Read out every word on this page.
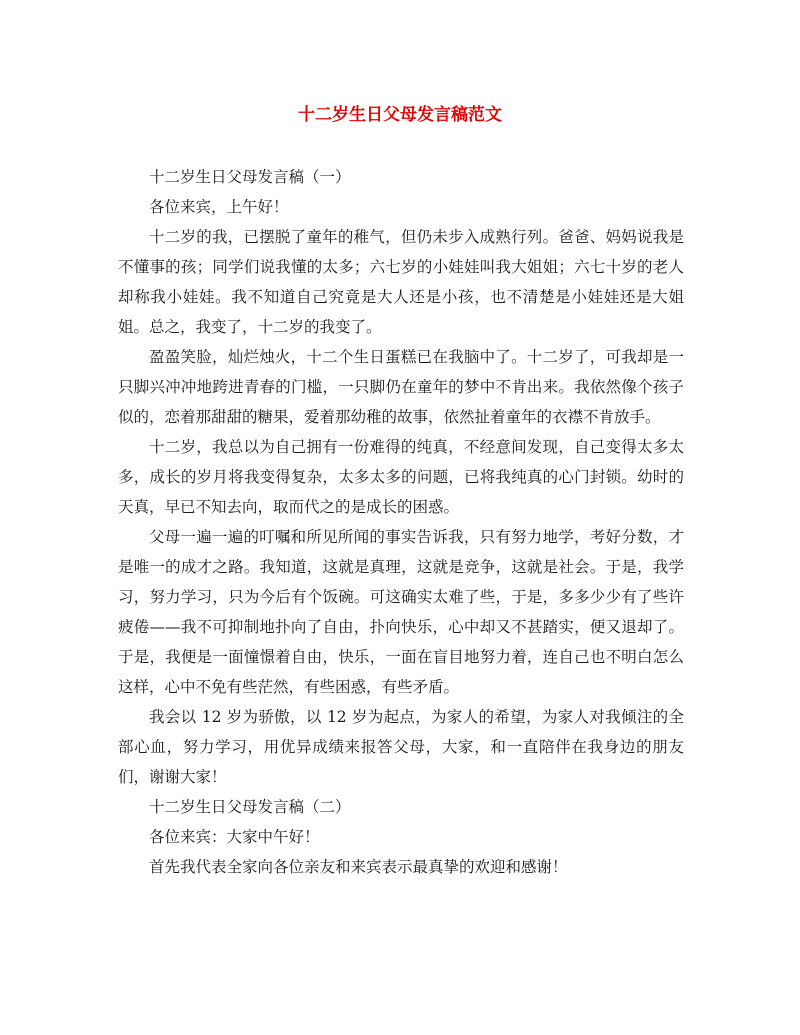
十二岁生日父母发言稿范文

十二岁生日父母发言稿（一）

各位来宾，上午好！

十二岁的我，已摆脱了童年的稚气，但仍未步入成熟行列。爸爸、妈妈说我是不懂事的孩；同学们说我懂的太多；六七岁的小娃娃叫我大姐姐；六七十岁的老人却称我小娃娃。我不知道自己究竟是大人还是小孩，也不清楚是小娃娃还是大姐姐。总之，我变了，十二岁的我变了。

盈盈笑脸，灿烂烛火，十二个生日蛋糕已在我脑中了。十二岁了，可我却是一只脚兴冲冲地跨进青春的门槛，一只脚仍在童年的梦中不肯出来。我依然像个孩子似的，恋着那甜甜的糖果，爱着那幼稚的故事，依然扯着童年的衣襟不肯放手。

十二岁，我总以为自己拥有一份难得的纯真，不经意间发现，自己变得太多太多，成长的岁月将我变得复杂，太多太多的问题，已将我纯真的心门封锁。幼时的天真，早已不知去向，取而代之的是成长的困惑。

父母一遍一遍的叮嘱和所见所闻的事实告诉我，只有努力地学，考好分数，才是唯一的成才之路。我知道，这就是真理，这就是竞争，这就是社会。于是，我学习，努力学习，只为今后有个饭碗。可这确实太难了些，于是，多多少少有了些许疲倦——我不可抑制地扑向了自由，扑向快乐，心中却又不甚踏实，便又退却了。于是，我便是一面憧憬着自由，快乐，一面在盲目地努力着，连自己也不明白怎么这样，心中不免有些茫然，有些困惑，有些矛盾。

我会以 12 岁为骄傲，以 12 岁为起点，为家人的希望，为家人对我倾注的全部心血，努力学习，用优异成绩来报答父母，大家，和一直陪伴在我身边的朋友们，谢谢大家！

十二岁生日父母发言稿（二）

各位来宾：大家中午好！

首先我代表全家向各位亲友和来宾表示最真挚的欢迎和感谢！
